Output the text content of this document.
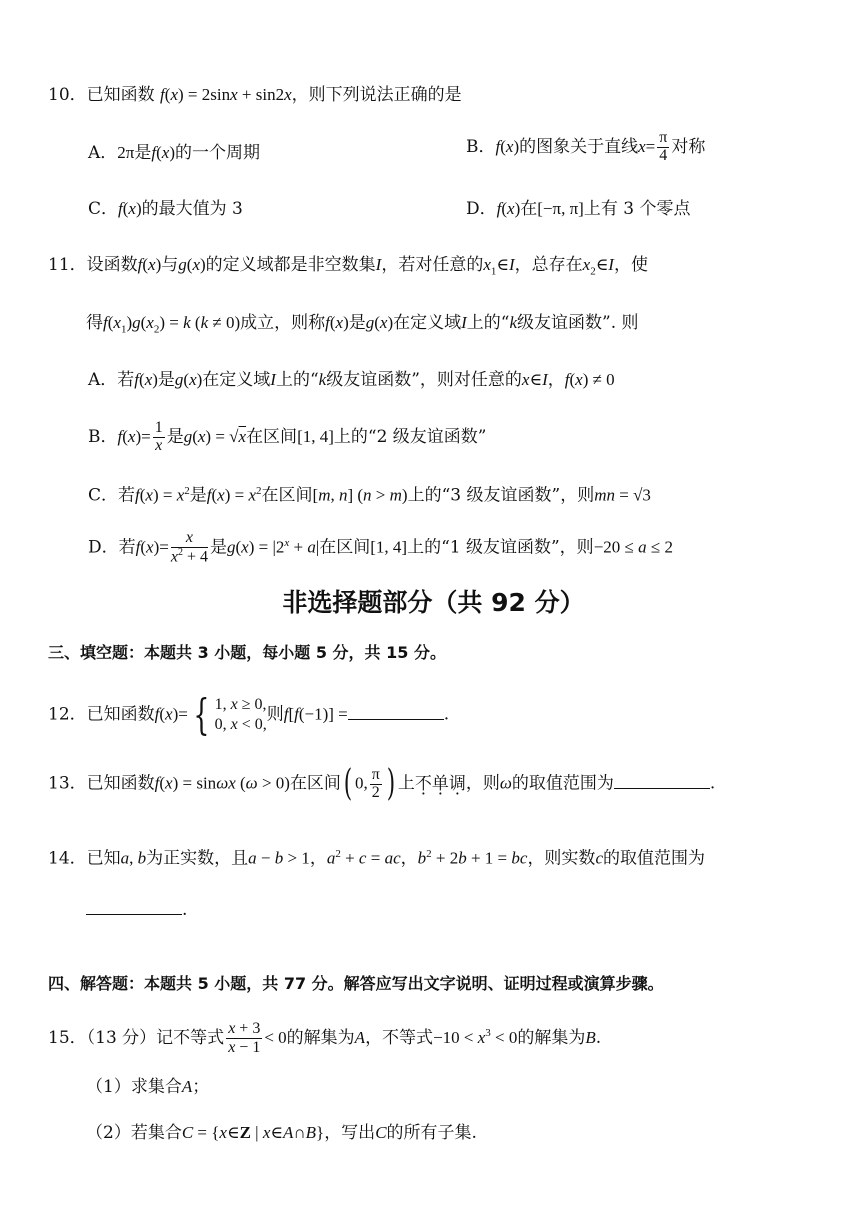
10．已知函数 f(x) = 2sinx + sin2x，则下列说法正确的是
A．2π是f(x)的一个周期	B．f(x)的图象关于直线$x= \frac{\pi}{4}$ 对称
C．f(x)的最大值为 3	D．f(x)在[−π, π]上有 3 个零点
11．设函数f(x)与g(x)的定义域都是非空数集I，若对任意的$x_1\in I$，总存在$x_2\in I$，使
得$f(x_1)g(x_2) = k$ (k ≠ 0)成立，则称f(x)是g(x)在定义域I上的“k级友谊函数”. 则
A．若f(x)是g(x)在定义域I上的“k级友谊函数”，则对任意的x∈I，f(x) ≠ 0
B．$f(x)= \frac{1}{x}$ 是g(x) = √x在区间[1, 4]上的“2 级友谊函数”
C．若$f(x) = x^2$是$f(x) = x^2$在区间[m, n] (n > m)上的“3 级友谊函数”，则mn = √3
D．若$f(x)= \frac{x}{x^2 + 4}$ 是$g(x) = |2^x + a|$在区间[1, 4]上的“1 级友谊函数”，则−20 ≤ a ≤ 2
非选择题部分（共 92 分）
三、填空题：本题共 3 小题，每小题 5 分，共 15 分。
12．已知函数f(x)= { 1, x ≥ 0,
0, x < 0, 则f[f(−1)] =	.
13．已知函数f(x) = sinωx (ω > 0)在区间( 0, $\frac{\pi}{2}$ ) 上不单调，则ω的取值范围为	.
14．已知a, b为正实数，且a − b > 1，$a^2 + c$ = ac，$b^2 + 2b + 1$ = bc，则实数c的取值范围为
.
四、解答题：本题共 5 小题，共 77 分。解答应写出文字说明、证明过程或演算步骤。
15．（13 分）记不等式 $\frac{x + 3}{x - 1} < 0$的解集为A，不等式$-10 < x^3 < 0$的解集为B.
（1）求集合A；
（2）若集合C = {x∈Z | x∈A∩B}，写出C的所有子集.
